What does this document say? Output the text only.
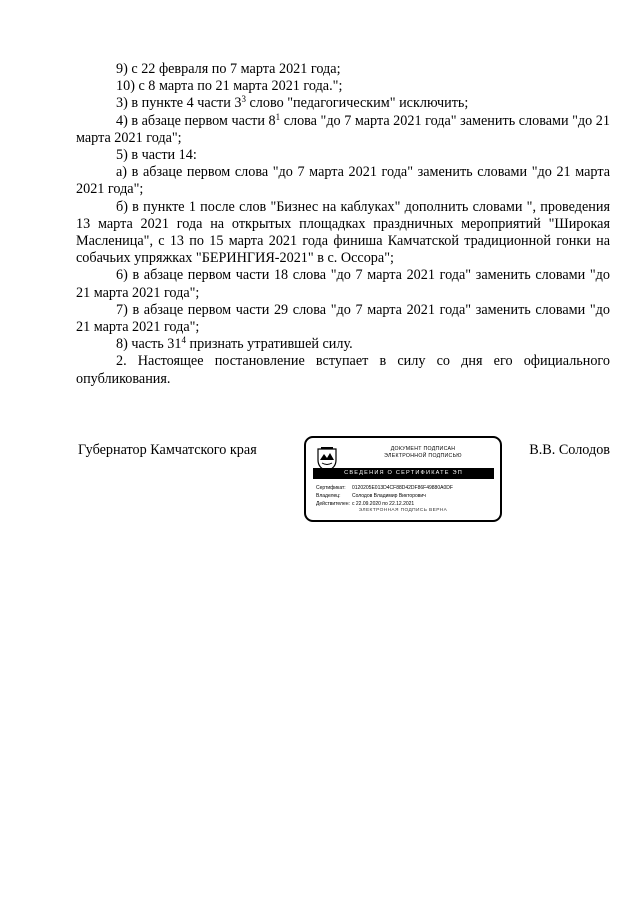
9) с 22 февраля по 7 марта 2021 года;

10) с 8 марта по 21 марта 2021 года.";

3) в пункте 4 части $3^3$ слово "педагогическим" исключить;

4) в абзаце первом части $8^1$ слова "до 7 марта 2021 года" заменить словами "до 21 марта 2021 года";

5) в части 14:

а) в абзаце первом слова "до 7 марта 2021 года" заменить словами "до 21 марта 2021 года";

б) в пункте 1 после слов "Бизнес на каблуках" дополнить словами ", проведения 13 марта 2021 года на открытых площадках праздничных мероприятий "Широкая Масленица", с 13 по 15 марта 2021 года финиша Камчатской традиционной гонки на собачьих упряжках "БЕРИНГИЯ-2021" в с. Оссора";

6) в абзаце первом части 18 слова "до 7 марта 2021 года" заменить словами "до 21 марта 2021 года";

7) в абзаце первом части 29 слова "до 7 марта 2021 года" заменить словами "до 21 марта 2021 года";

8) часть $31^4$ признать утратившей силу.

2. Настоящее постановление вступает в силу со дня его официального опубликования.

Губернатор Камчатского края	ДОКУМЕНТ ПОДПИСАН
ЭЛЕКТРОННОЙ ПОДПИСЬЮ
СВЕДЕНИЯ О СЕРТИФИКАТЕ ЭП
Сертификат: 0120205E013D4CF88D42DF86F49880A0DF
Владелец: Солодов Владимир Викторович
Действителен: с 22.09.2020 по 22.12.2021
ЭЛЕКТРОННАЯ ПОДПИСЬ ВЕРНА
В.В. Солодов
